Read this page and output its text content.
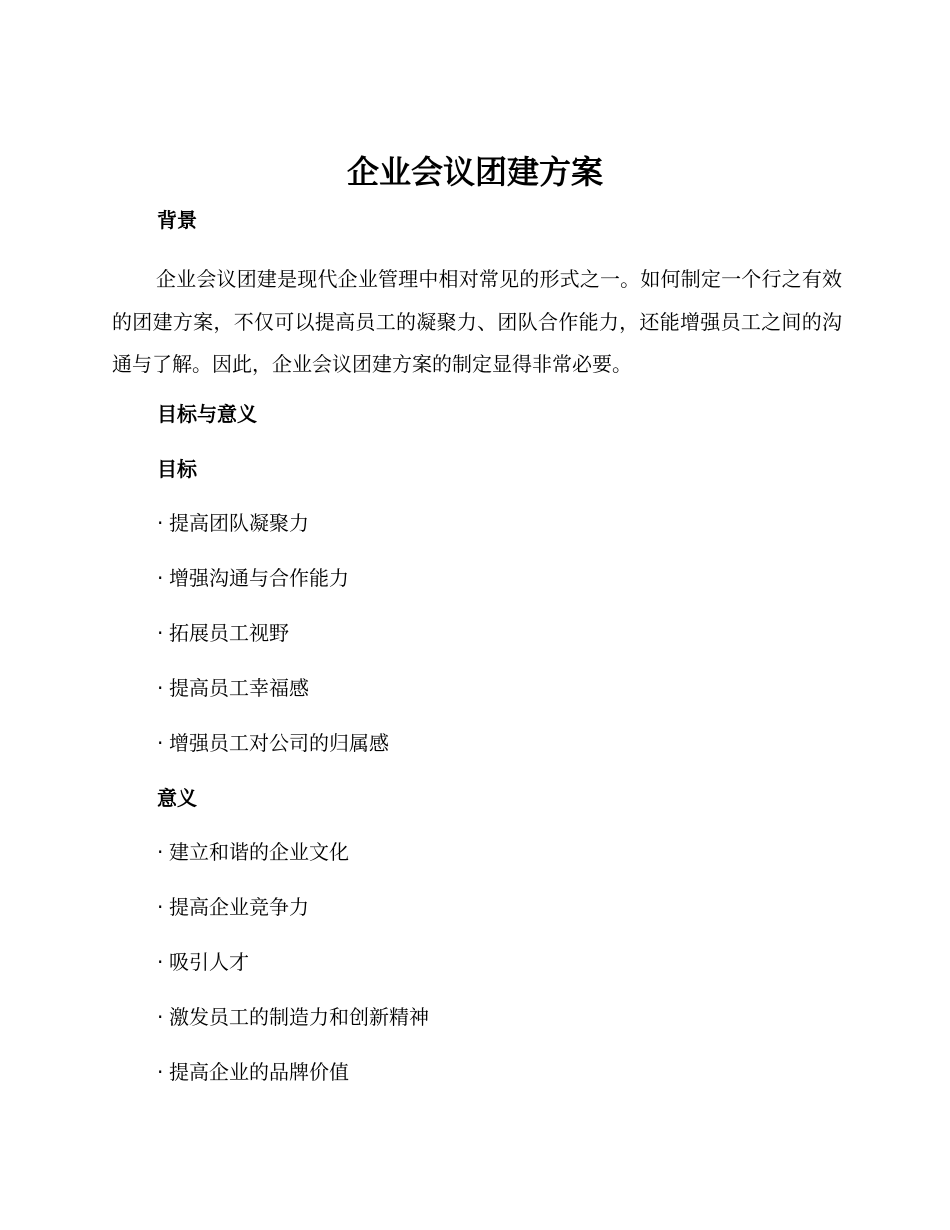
企业会议团建方案
背景

企业会议团建是现代企业管理中相对常见的形式之一。如何制定一个行之有效的团建方案，不仅可以提高员工的凝聚力、团队合作能力，还能增强员工之间的沟通与了解。因此，企业会议团建方案的制定显得非常必要。

目标与意义
目标
· 提高团队凝聚力
· 增强沟通与合作能力
· 拓展员工视野
· 提高员工幸福感
· 增强员工对公司的归属感
意义
· 建立和谐的企业文化
· 提高企业竞争力
· 吸引人才
· 激发员工的制造力和创新精神
· 提高企业的品牌价值
